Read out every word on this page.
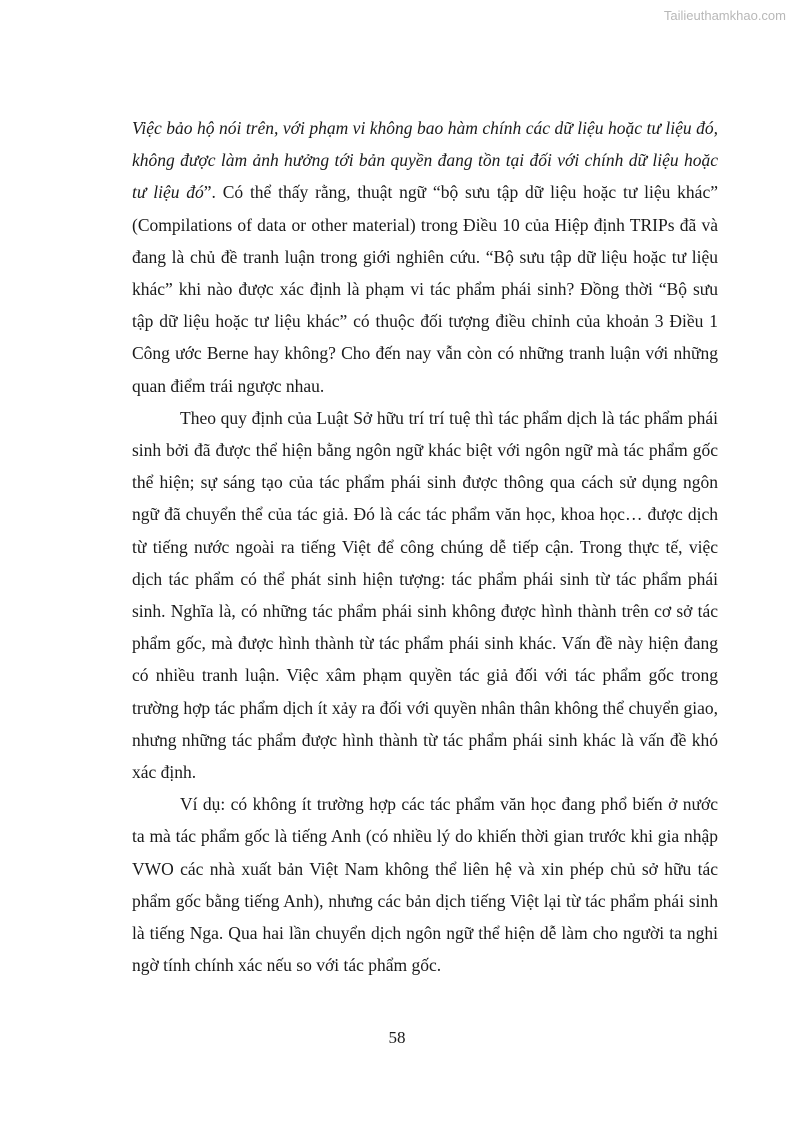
Tailieuthamkhao.com

Việc bảo hộ nói trên, với phạm vi không bao hàm chính các dữ liệu hoặc tư liệu đó, không được làm ảnh hưởng tới bản quyền đang tồn tại đối với chính dữ liệu hoặc tư liệu đó”. Có thể thấy rằng, thuật ngữ “bộ sưu tập dữ liệu hoặc tư liệu khác” (Compilations of data or other material) trong Điều 10 của Hiệp định TRIPs đã và đang là chủ đề tranh luận trong giới nghiên cứu. “Bộ sưu tập dữ liệu hoặc tư liệu khác” khi nào được xác định là phạm vi tác phẩm phái sinh? Đồng thời “Bộ sưu tập dữ liệu hoặc tư liệu khác” có thuộc đối tượng điều chỉnh của khoản 3 Điều 1 Công ước Berne hay không? Cho đến nay vẫn còn có những tranh luận với những quan điểm trái ngược nhau.

Theo quy định của Luật Sở hữu trí trí tuệ thì tác phẩm dịch là tác phẩm phái sinh bởi đã được thể hiện bằng ngôn ngữ khác biệt với ngôn ngữ mà tác phẩm gốc thể hiện; sự sáng tạo của tác phẩm phái sinh được thông qua cách sử dụng ngôn ngữ đã chuyển thể của tác giả. Đó là các tác phẩm văn học, khoa học… được dịch từ tiếng nước ngoài ra tiếng Việt để công chúng dễ tiếp cận. Trong thực tế, việc dịch tác phẩm có thể phát sinh hiện tượng: tác phẩm phái sinh từ tác phẩm phái sinh. Nghĩa là, có những tác phẩm phái sinh không được hình thành trên cơ sở tác phẩm gốc, mà được hình thành từ tác phẩm phái sinh khác. Vấn đề này hiện đang có nhiều tranh luận. Việc xâm phạm quyền tác giả đối với tác phẩm gốc trong trường hợp tác phẩm dịch ít xảy ra đối với quyền nhân thân không thể chuyển giao, nhưng những tác phẩm được hình thành từ tác phẩm phái sinh khác là vấn đề khó xác định.

Ví dụ: có không ít trường hợp các tác phẩm văn học đang phổ biến ở nước ta mà tác phẩm gốc là tiếng Anh (có nhiều lý do khiến thời gian trước khi gia nhập VWO các nhà xuất bản Việt Nam không thể liên hệ và xin phép chủ sở hữu tác phẩm gốc bằng tiếng Anh), nhưng các bản dịch tiếng Việt lại từ tác phẩm phái sinh là tiếng Nga. Qua hai lần chuyển dịch ngôn ngữ thể hiện dễ làm cho người ta nghi ngờ tính chính xác nếu so với tác phẩm gốc.

58
